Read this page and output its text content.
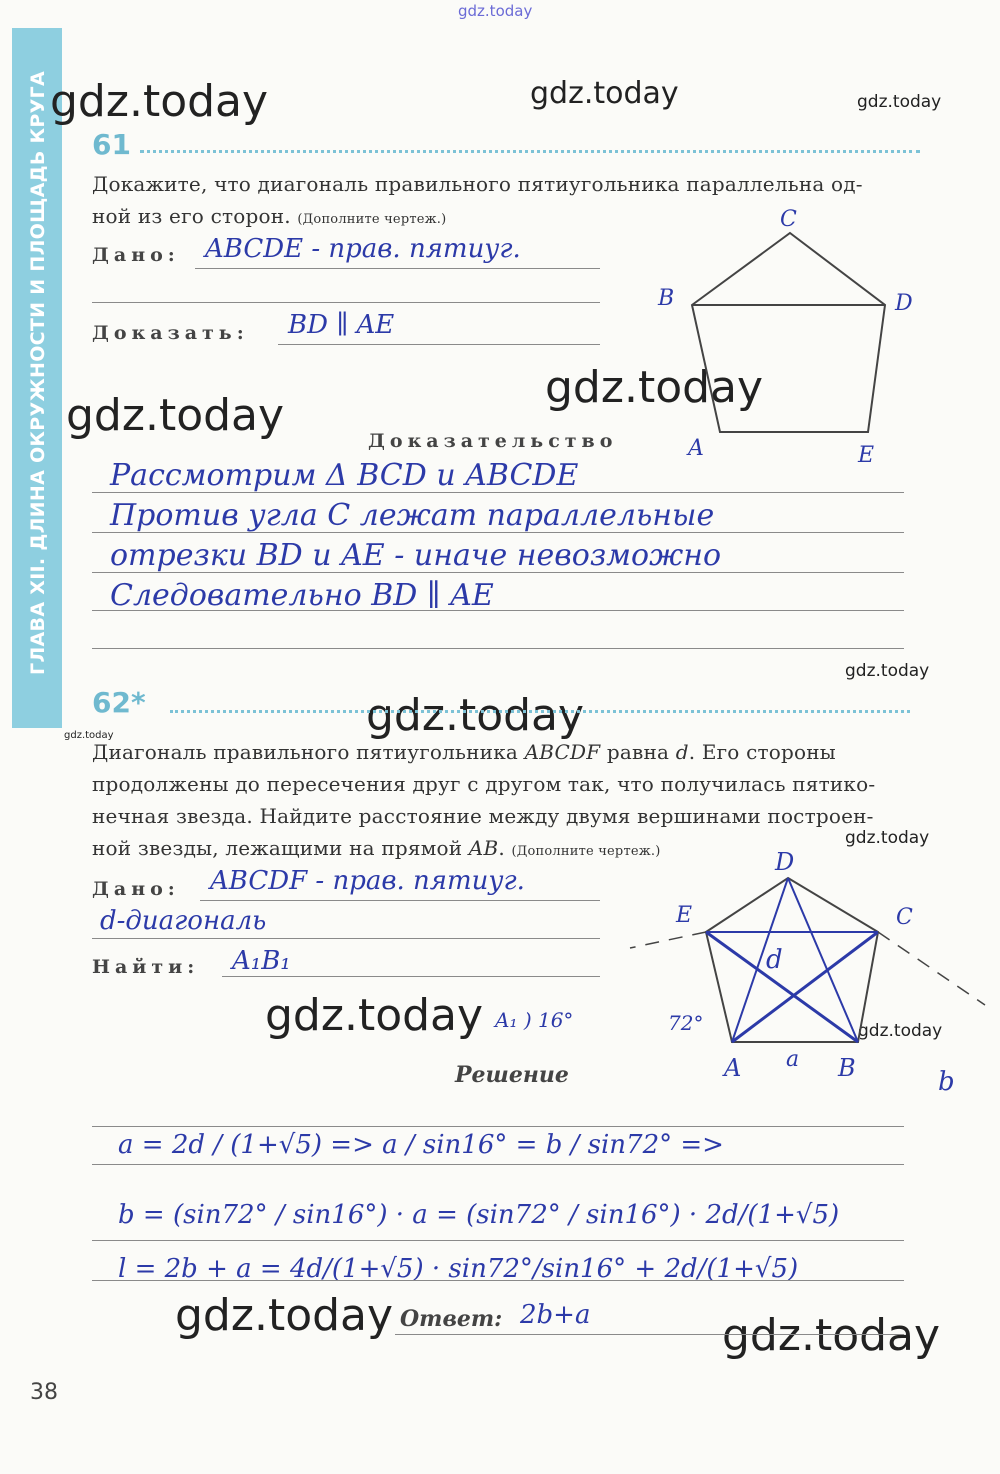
gdz.today
ГЛАВА XII. ДЛИНА ОКРУЖНОСТИ И ПЛОЩАДЬ КРУГА gdz.today	gdz.today	gdz.today
gdz.today
gdz.today
gdz.today
gdz.today
gdz.today
gdz.today
gdz.today	gdz.today
gdz.today	gdz.today
61
Докажите, что диагональ правильного пятиугольника параллельна од-
ной из его сторон. (Дополните чертеж.)
Дано: ABCDE - прав. пятиуг.
Доказать: BD ∥ AE
C
B	D
A	E
Доказательство
Рассмотрим Δ BCD и ABCDE
Против угла C лежат параллельные
отрезки BD и AE - иначе невозможно
Следовательно BD ∥ AE
62*
Диагональ правильного пятиугольника ABCDF равна d. Его стороны
продолжены до пересечения друг с другом так, что получилась пятико-
нечная звезда. Найдите расстояние между двумя вершинами построен-
ной звезды, лежащими на прямой AB. (Дополните чертеж.)
Дано: ABCDF - прав. пятиуг.
d-диагональ
Найти: A₁B₁
A₁ ) 16°
D
E	C
A	B
a
d
72°
b
Решение
a = 2d / (1+√5) => a / sin16° = b / sin72° =>
b = (sin72° / sin16°) · a = (sin72° / sin16°) · 2d/(1+√5)
l = 2b + a = 4d/(1+√5) · sin72°/sin16° + 2d/(1+√5)
Ответ: 2b+a
38
